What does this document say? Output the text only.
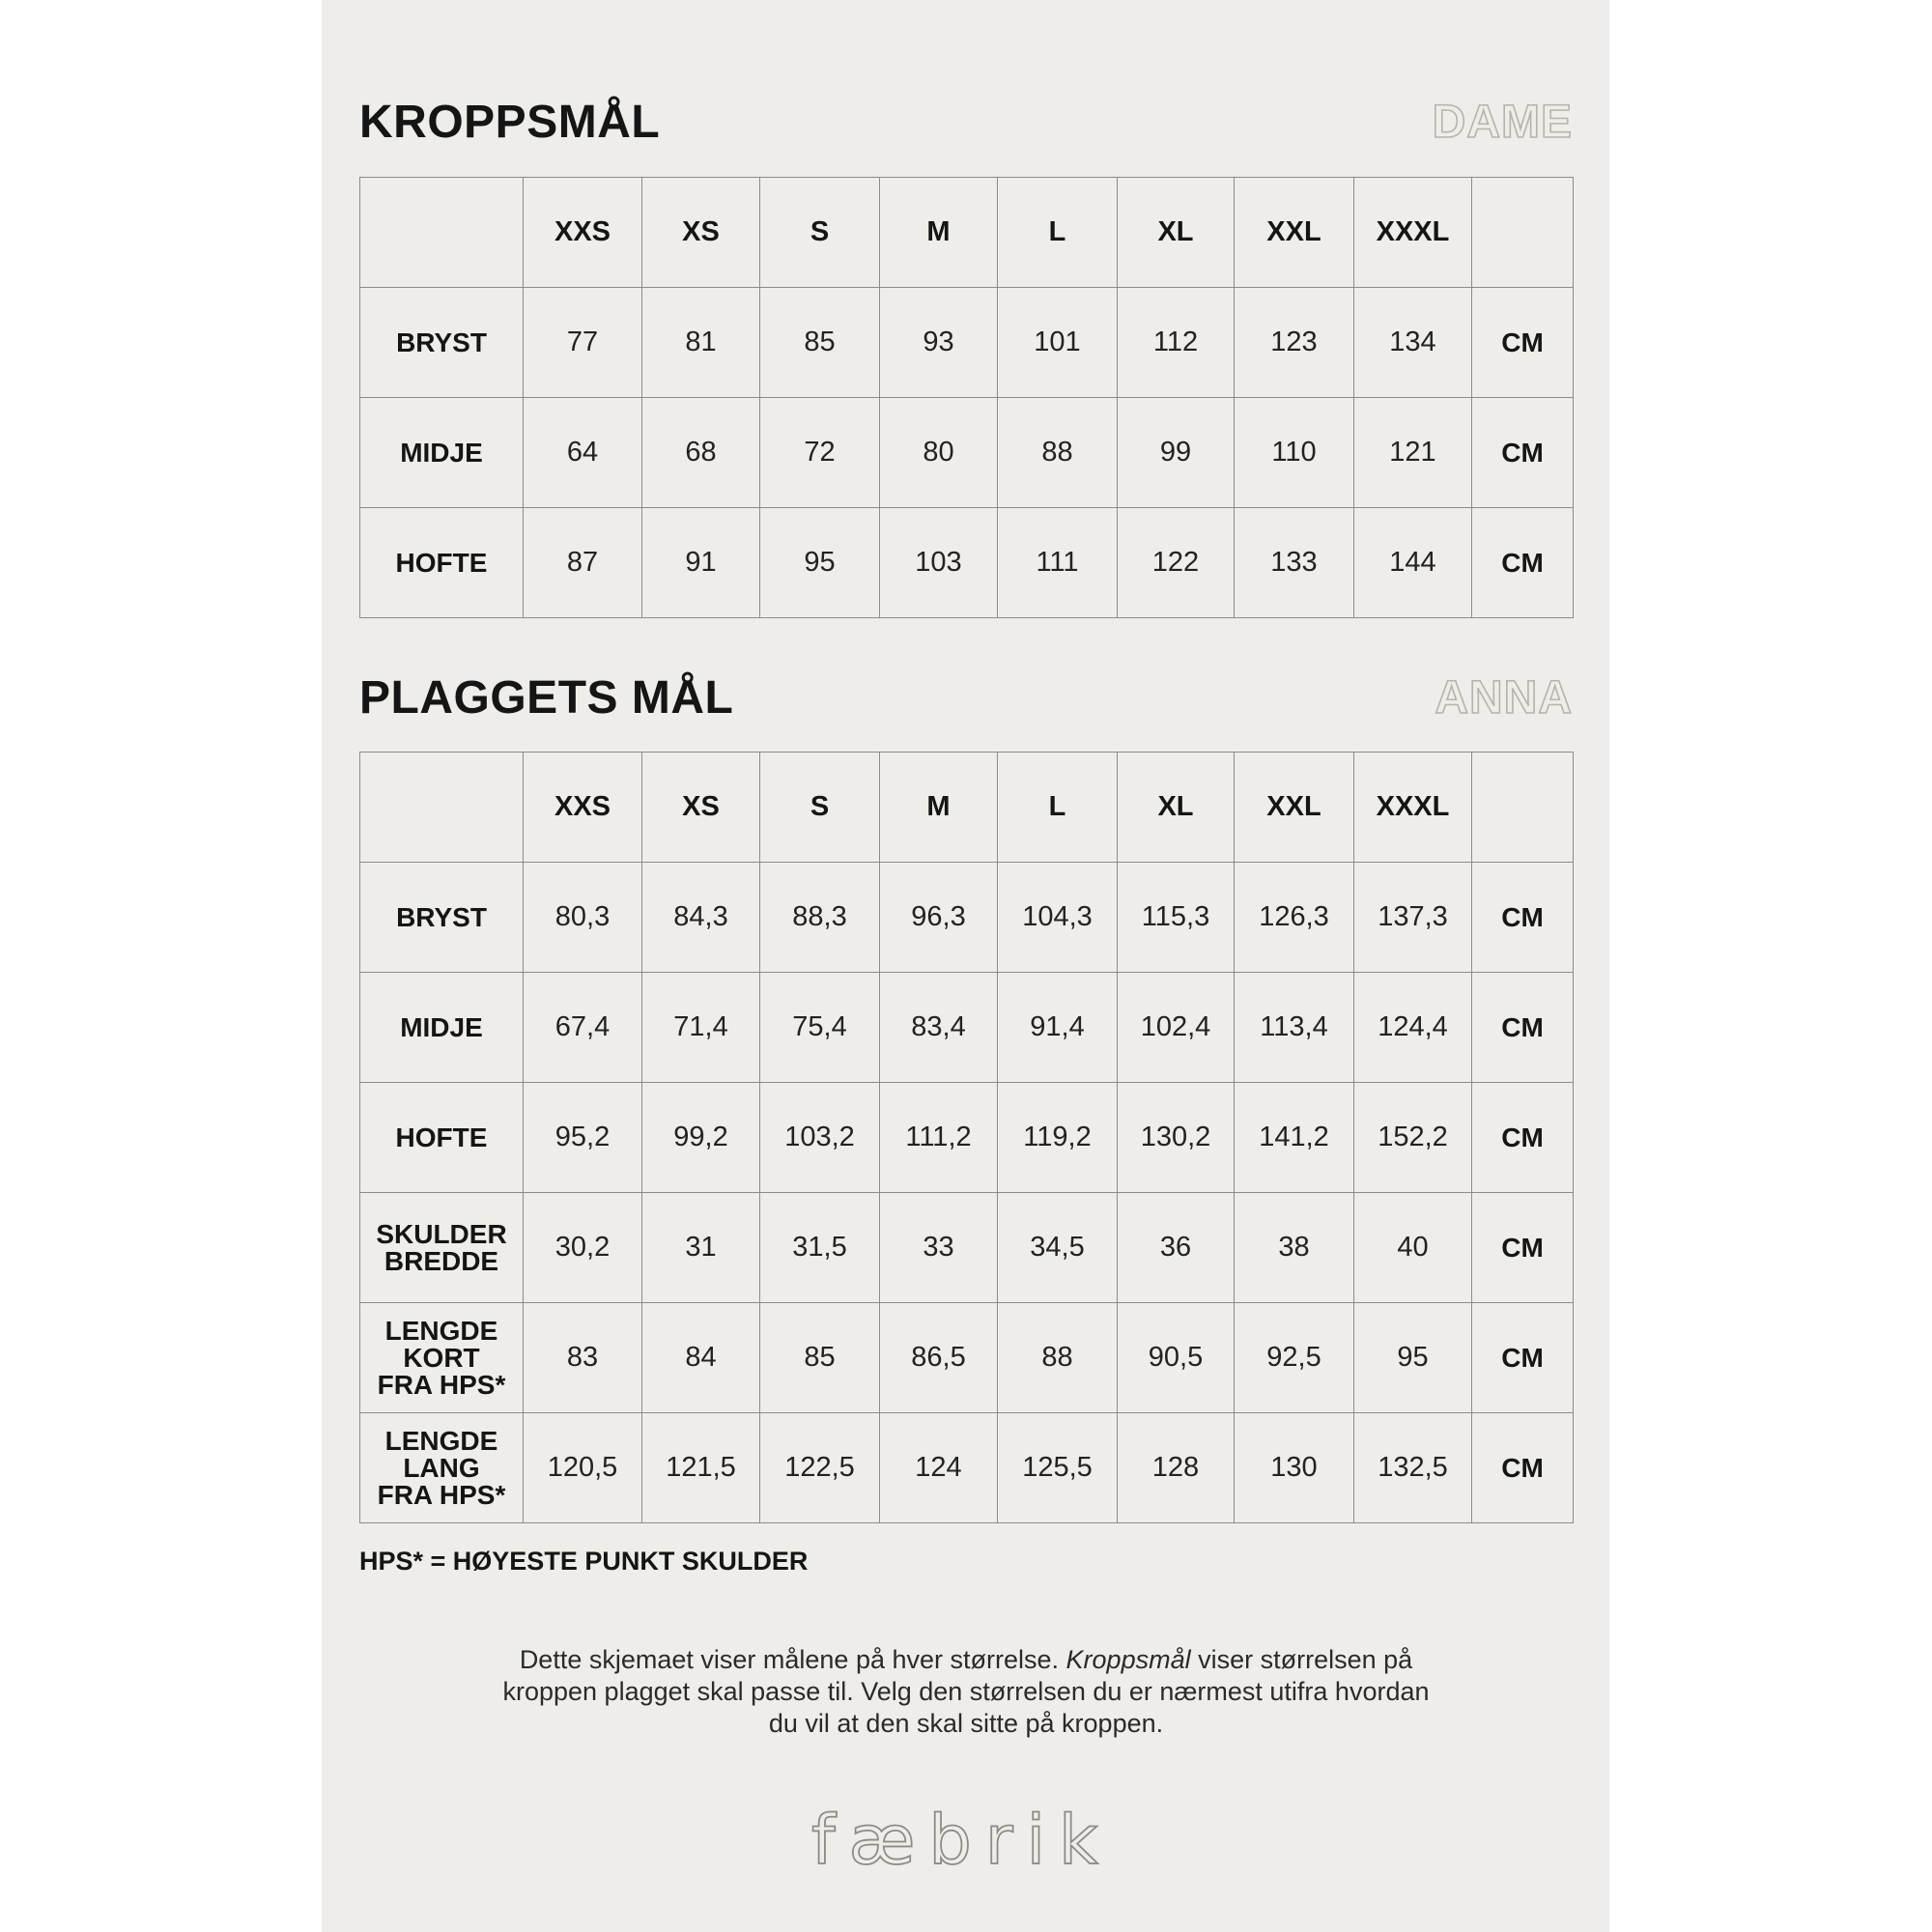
KROPPSMÅL	DAME
	XXS	XS	S	M	L	XL	XXL	XXXL	
BRYST	77	81	85	93	101	112	123	134	CM
MIDJE	64	68	72	80	88	99	110	121	CM
HOFTE	87	91	95	103	111	122	133	144	CM
PLAGGETS MÅL	ANNA
	XXS	XS	S	M	L	XL	XXL	XXXL	

BRYST	80,3	84,3	88,3	96,3	104,3	115,3	126,3	137,3	CM

MIDJE	67,4	71,4	75,4	83,4	91,4	102,4	113,4	124,4	CM

HOFTE	95,2	99,2	103,2	111,2	119,2	130,2	141,2	152,2	CM

SKULDER
BREDDE	30,2	31	31,5	33	34,5	36	38	40	CM

LENGDE
KORT
FRA HPS*	83	84	85	86,5	88	90,5	92,5	95	CM

LENGDE
LANG
FRA HPS*	120,5	121,5	122,5	124	125,5	128	130	132,5	CM
HPS* = HØYESTE PUNKT SKULDER
Dette skjemaet viser målene på hver størrelse. Kroppsmål viser størrelsen på
kroppen plagget skal passe til. Velg den størrelsen du er nærmest utifra hvordan
du vil at den skal sitte på kroppen.
fæbrik
